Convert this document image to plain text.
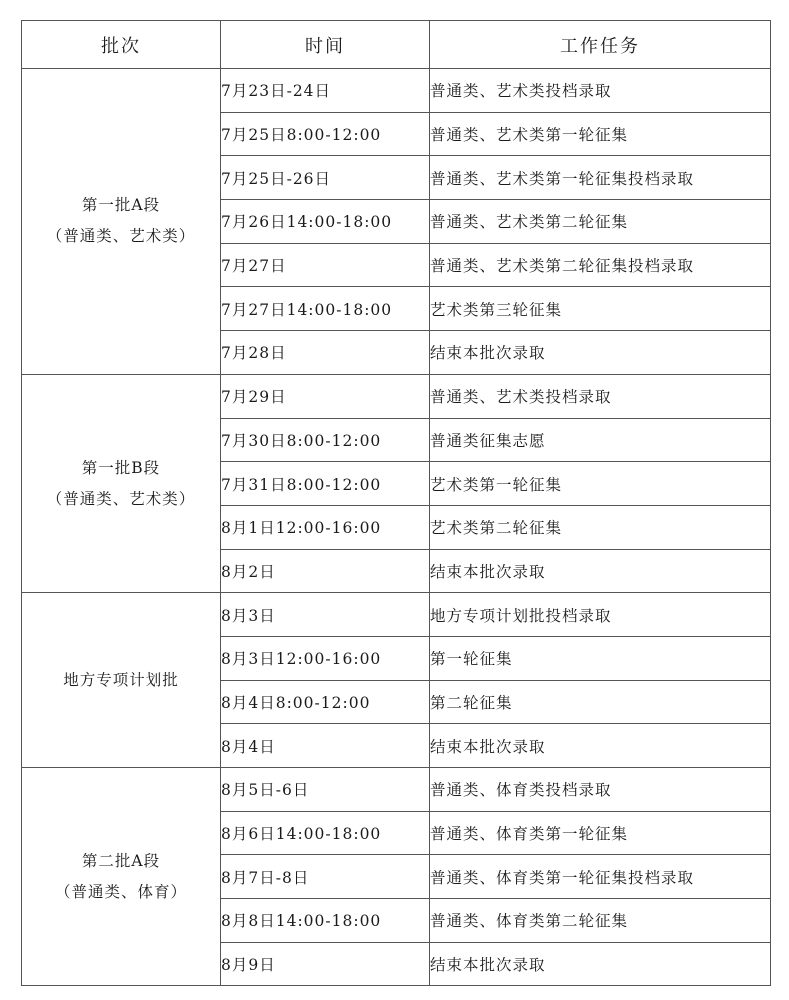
批次	时间	工作任务

第一批A段
（普通类、艺术类）	7月23日-24日	普通类、艺术类投档录取
	7月25日8:00-12:00	普通类、艺术类第一轮征集
	7月25日-26日	普通类、艺术类第一轮征集投档录取
	7月26日14:00-18:00	普通类、艺术类第二轮征集
	7月27日	普通类、艺术类第二轮征集投档录取
	7月27日14:00-18:00	艺术类第三轮征集
	7月28日	结束本批次录取

第一批B段
（普通类、艺术类）	7月29日	普通类、艺术类投档录取
	7月30日8:00-12:00	普通类征集志愿
	7月31日8:00-12:00	艺术类第一轮征集
	8月1日12:00-16:00	艺术类第二轮征集
	8月2日	结束本批次录取

地方专项计划批	8月3日	地方专项计划批投档录取
	8月3日12:00-16:00	第一轮征集
	8月4日8:00-12:00	第二轮征集
	8月4日	结束本批次录取

第二批A段
（普通类、体育）	8月5日-6日	普通类、体育类投档录取
	8月6日14:00-18:00	普通类、体育类第一轮征集
	8月7日-8日	普通类、体育类第一轮征集投档录取
	8月8日14:00-18:00	普通类、体育类第二轮征集
	8月9日	结束本批次录取
